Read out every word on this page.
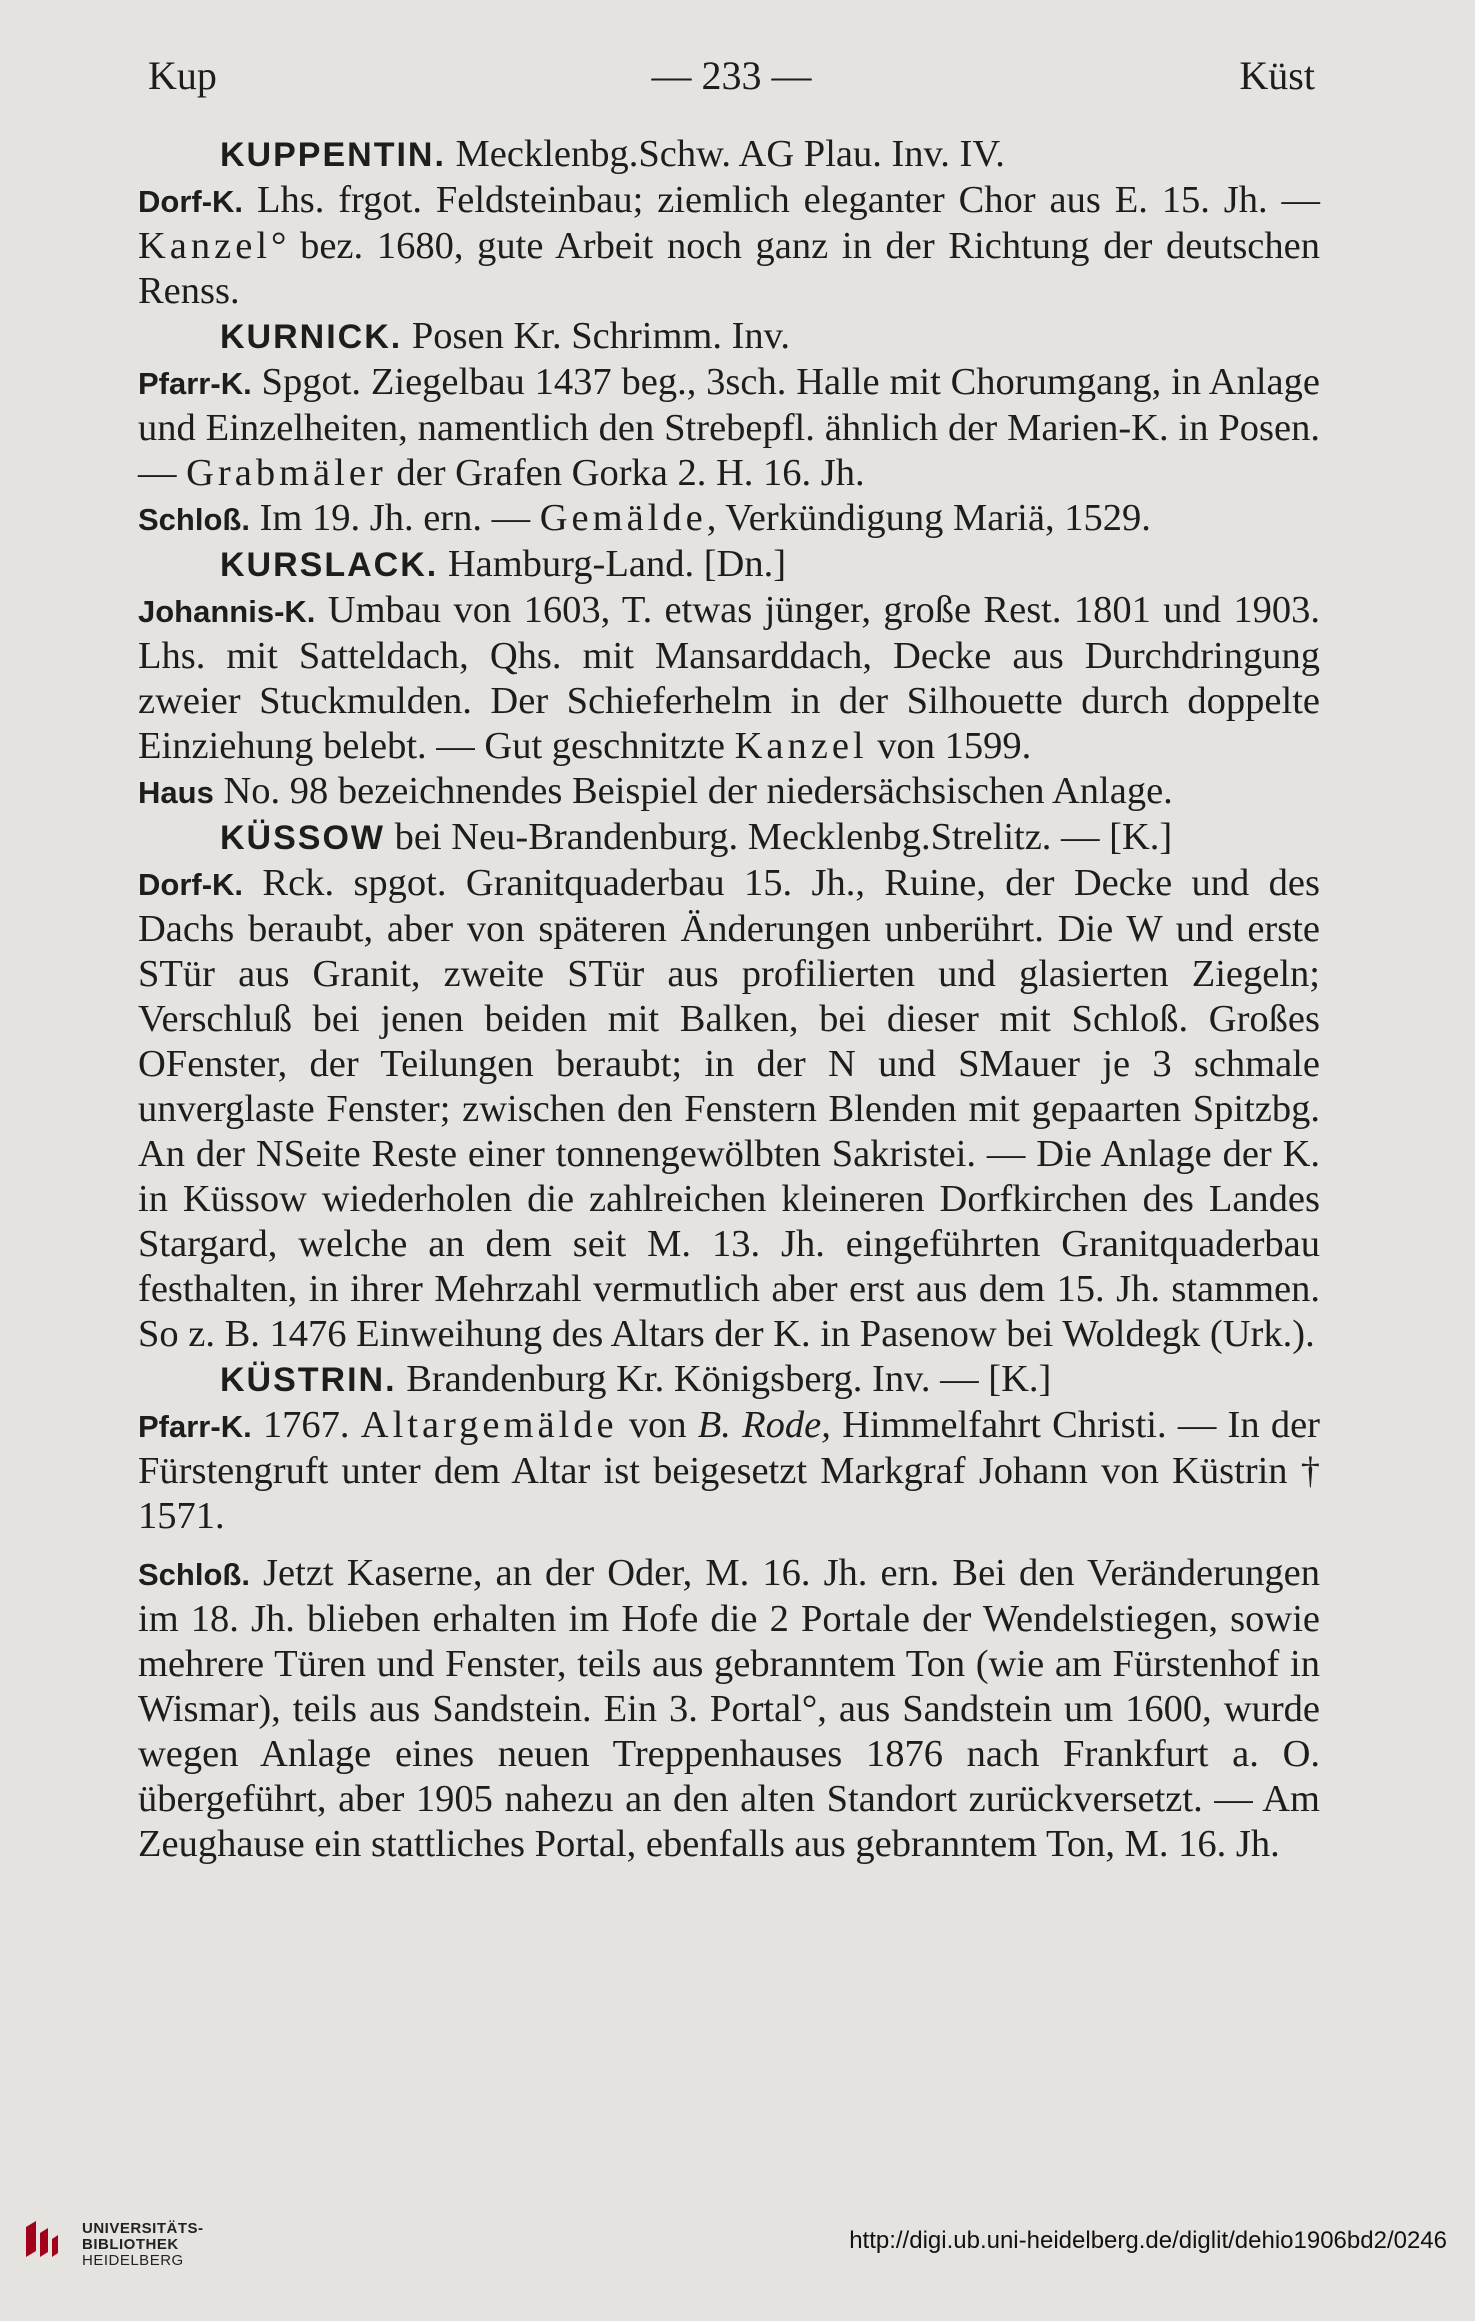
Kup	— 233 —	Küst

KUPPENTIN. Mecklenbg.Schw. AG Plau. Inv. IV.

Dorf-K. Lhs. frgot. Feldsteinbau; ziemlich eleganter Chor aus E. 15. Jh. — Kanzel° bez. 1680, gute Arbeit noch ganz in der Richtung der deutschen Renss.

KURNICK. Posen Kr. Schrimm. Inv.

Pfarr-K. Spgot. Ziegelbau 1437 beg., 3sch. Halle mit Chorumgang, in Anlage und Einzelheiten, namentlich den Strebepfl. ähnlich der Marien-K. in Posen. — Grabmäler der Grafen Gorka 2. H. 16. Jh.

Schloß. Im 19. Jh. ern. — Gemälde, Verkündigung Mariä, 1529.

KURSLACK. Hamburg-Land. [Dn.]

Johannis-K. Umbau von 1603, T. etwas jünger, große Rest. 1801 und 1903. Lhs. mit Satteldach, Qhs. mit Mansarddach, Decke aus Durchdringung zweier Stuckmulden. Der Schieferhelm in der Silhouette durch doppelte Einziehung belebt. — Gut geschnitzte Kanzel von 1599.

Haus No. 98 bezeichnendes Beispiel der niedersächsischen Anlage.

KÜSSOW bei Neu-Brandenburg. Mecklenbg.Strelitz. — [K.]

Dorf-K. Rck. spgot. Granitquaderbau 15. Jh., Ruine, der Decke und des Dachs beraubt, aber von späteren Änderungen unberührt. Die W und erste STür aus Granit, zweite STür aus profilierten und glasierten Ziegeln; Verschluß bei jenen beiden mit Balken, bei dieser mit Schloß. Großes OFenster, der Teilungen beraubt; in der N und SMauer je 3 schmale unverglaste Fenster; zwischen den Fenstern Blenden mit gepaarten Spitzbg. An der NSeite Reste einer tonnengewölbten Sakristei. — Die Anlage der K. in Küssow wiederholen die zahlreichen kleineren Dorfkirchen des Landes Stargard, welche an dem seit M. 13. Jh. eingeführten Granitquaderbau festhalten, in ihrer Mehrzahl vermutlich aber erst aus dem 15. Jh. stammen. So z. B. 1476 Einweihung des Altars der K. in Pasenow bei Woldegk (Urk.).

KÜSTRIN. Brandenburg Kr. Königsberg. Inv. — [K.]

Pfarr-K. 1767. Altargemälde von B. Rode, Himmelfahrt Christi. — In der Fürstengruft unter dem Altar ist beigesetzt Markgraf Johann von Küstrin † 1571.

Schloß. Jetzt Kaserne, an der Oder, M. 16. Jh. ern. Bei den Veränderungen im 18. Jh. blieben erhalten im Hofe die 2 Portale der Wendelstiegen, sowie mehrere Türen und Fenster, teils aus gebranntem Ton (wie am Fürstenhof in Wismar), teils aus Sandstein. Ein 3. Portal°, aus Sandstein um 1600, wurde wegen Anlage eines neuen Treppenhauses 1876 nach Frankfurt a. O. übergeführt, aber 1905 nahezu an den alten Standort zurückversetzt. — Am Zeughause ein stattliches Portal, ebenfalls aus gebranntem Ton, M. 16. Jh.

UNIVERSITÄTS-
BIBLIOTHEK
HEIDELBERG
http://digi.ub.uni-heidelberg.de/diglit/dehio1906bd2/0246
